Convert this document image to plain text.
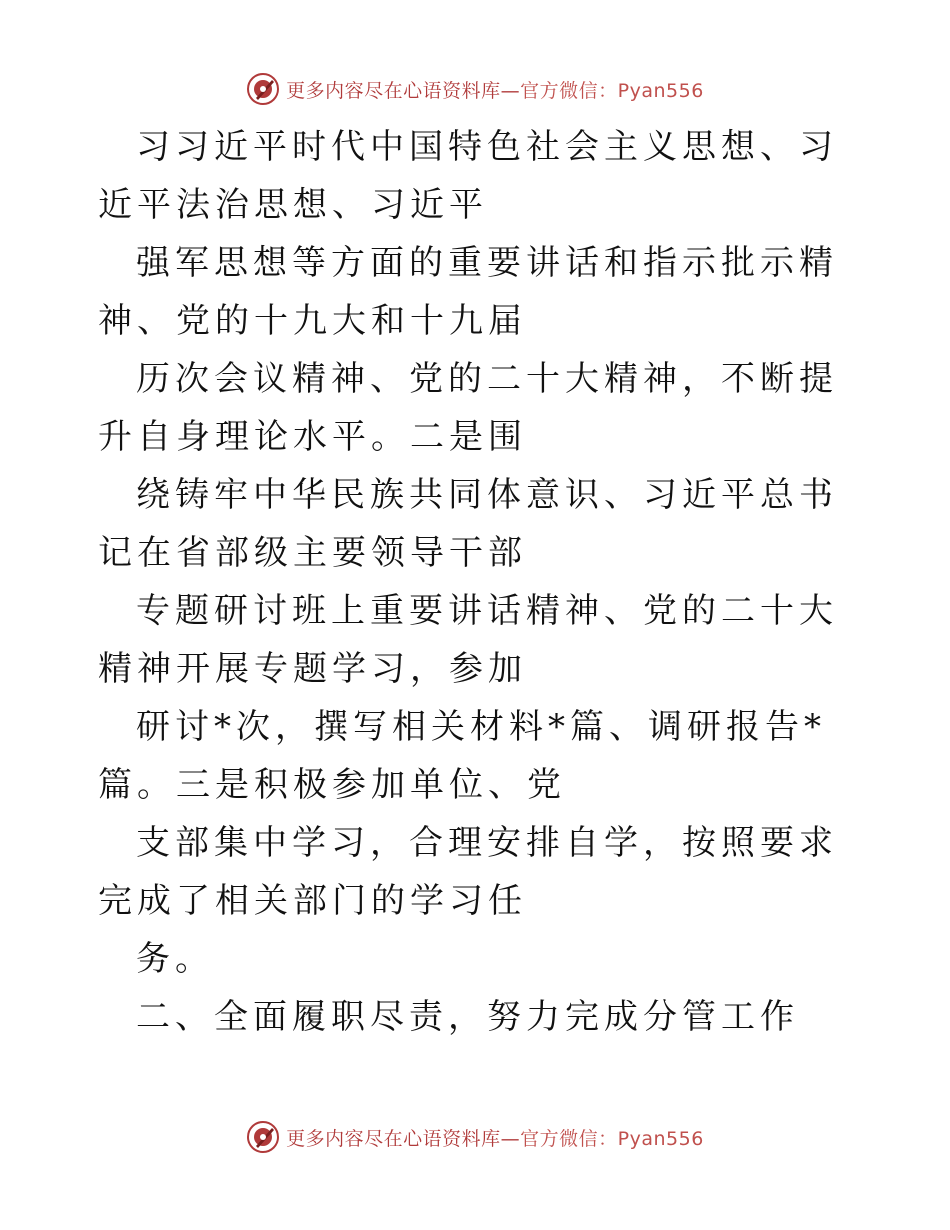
更多内容尽在心语资料库—官方微信：Pyan556

习习近平时代中国特色社会主义思想、习近平法治思想、习近平

强军思想等方面的重要讲话和指示批示精神、党的十九大和十九届

历次会议精神、党的二十大精神，不断提升自身理论水平。二是围

绕铸牢中华民族共同体意识、习近平总书记在省部级主要领导干部

专题研讨班上重要讲话精神、党的二十大精神开展专题学习，参加

研讨*次，撰写相关材料*篇、调研报告*篇。三是积极参加单位、党

支部集中学习，合理安排自学，按照要求完成了相关部门的学习任

务。

二、全面履职尽责，努力完成分管工作

更多内容尽在心语资料库—官方微信：Pyan556
